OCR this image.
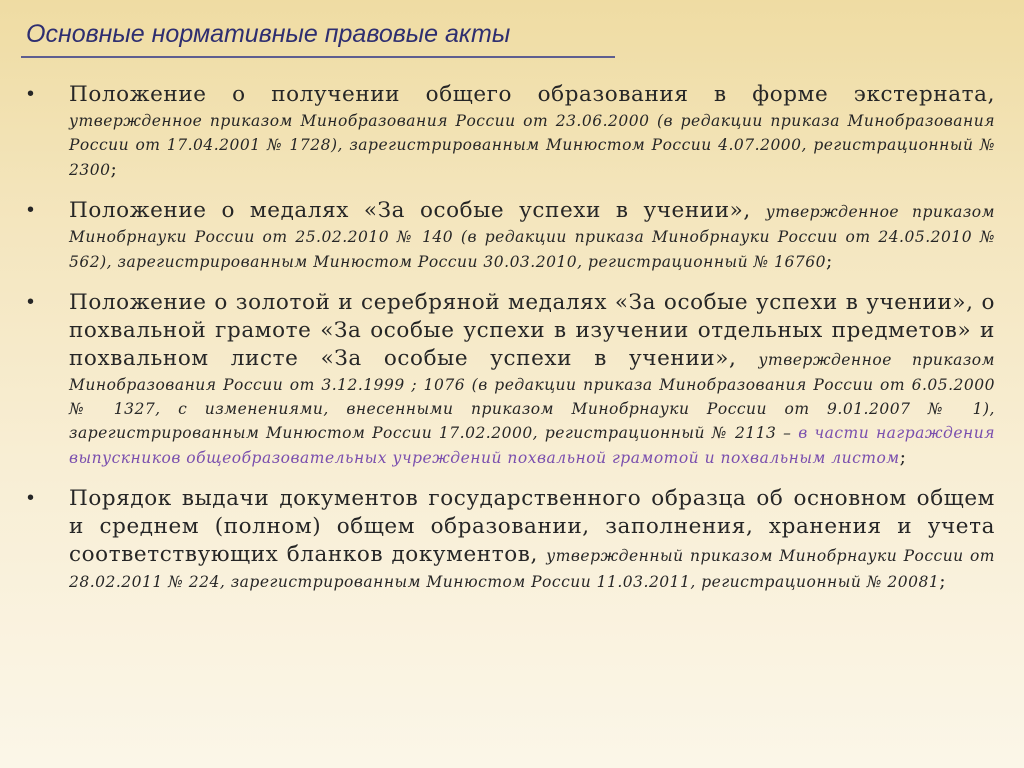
Основные нормативные правовые акты
• Положение о получении общего образования в форме экстерната, утвержденное приказом Минобразования России от 23.06.2000 (в редакции приказа Минобразования России от 17.04.2001 № 1728), зарегистрированным Минюстом России 4.07.2000, регистрационный № 2300;
• Положение о медалях «За особые успехи в учении», утвержденное приказом Минобрнауки России от 25.02.2010 № 140 (в редакции приказа Минобрнауки России от 24.05.2010 № 562), зарегистрированным Минюстом России 30.03.2010, регистрационный № 16760;
• Положение о золотой и серебряной медалях «За особые успехи в учении», о похвальной грамоте «За особые успехи в изучении отдельных предметов» и похвальном листе «За особые успехи в учении», утвержденное приказом Минобразования России от 3.12.1999 ; 1076 (в редакции приказа Минобразования России от 6.05.2000 № 1327, с изменениями, внесенными приказом Минобрнауки России от 9.01.2007 № 1), зарегистрированным Минюстом России 17.02.2000, регистрационный № 2113 – в части награждения выпускников общеобразовательных учреждений похвальной грамотой и похвальным листом;
• Порядок выдачи документов государственного образца об основном общем и среднем (полном) общем образовании, заполнения, хранения и учета соответствующих бланков документов, утвержденный приказом Минобрнауки России от 28.02.2011 № 224, зарегистрированным Минюстом России 11.03.2011, регистрационный № 20081;
